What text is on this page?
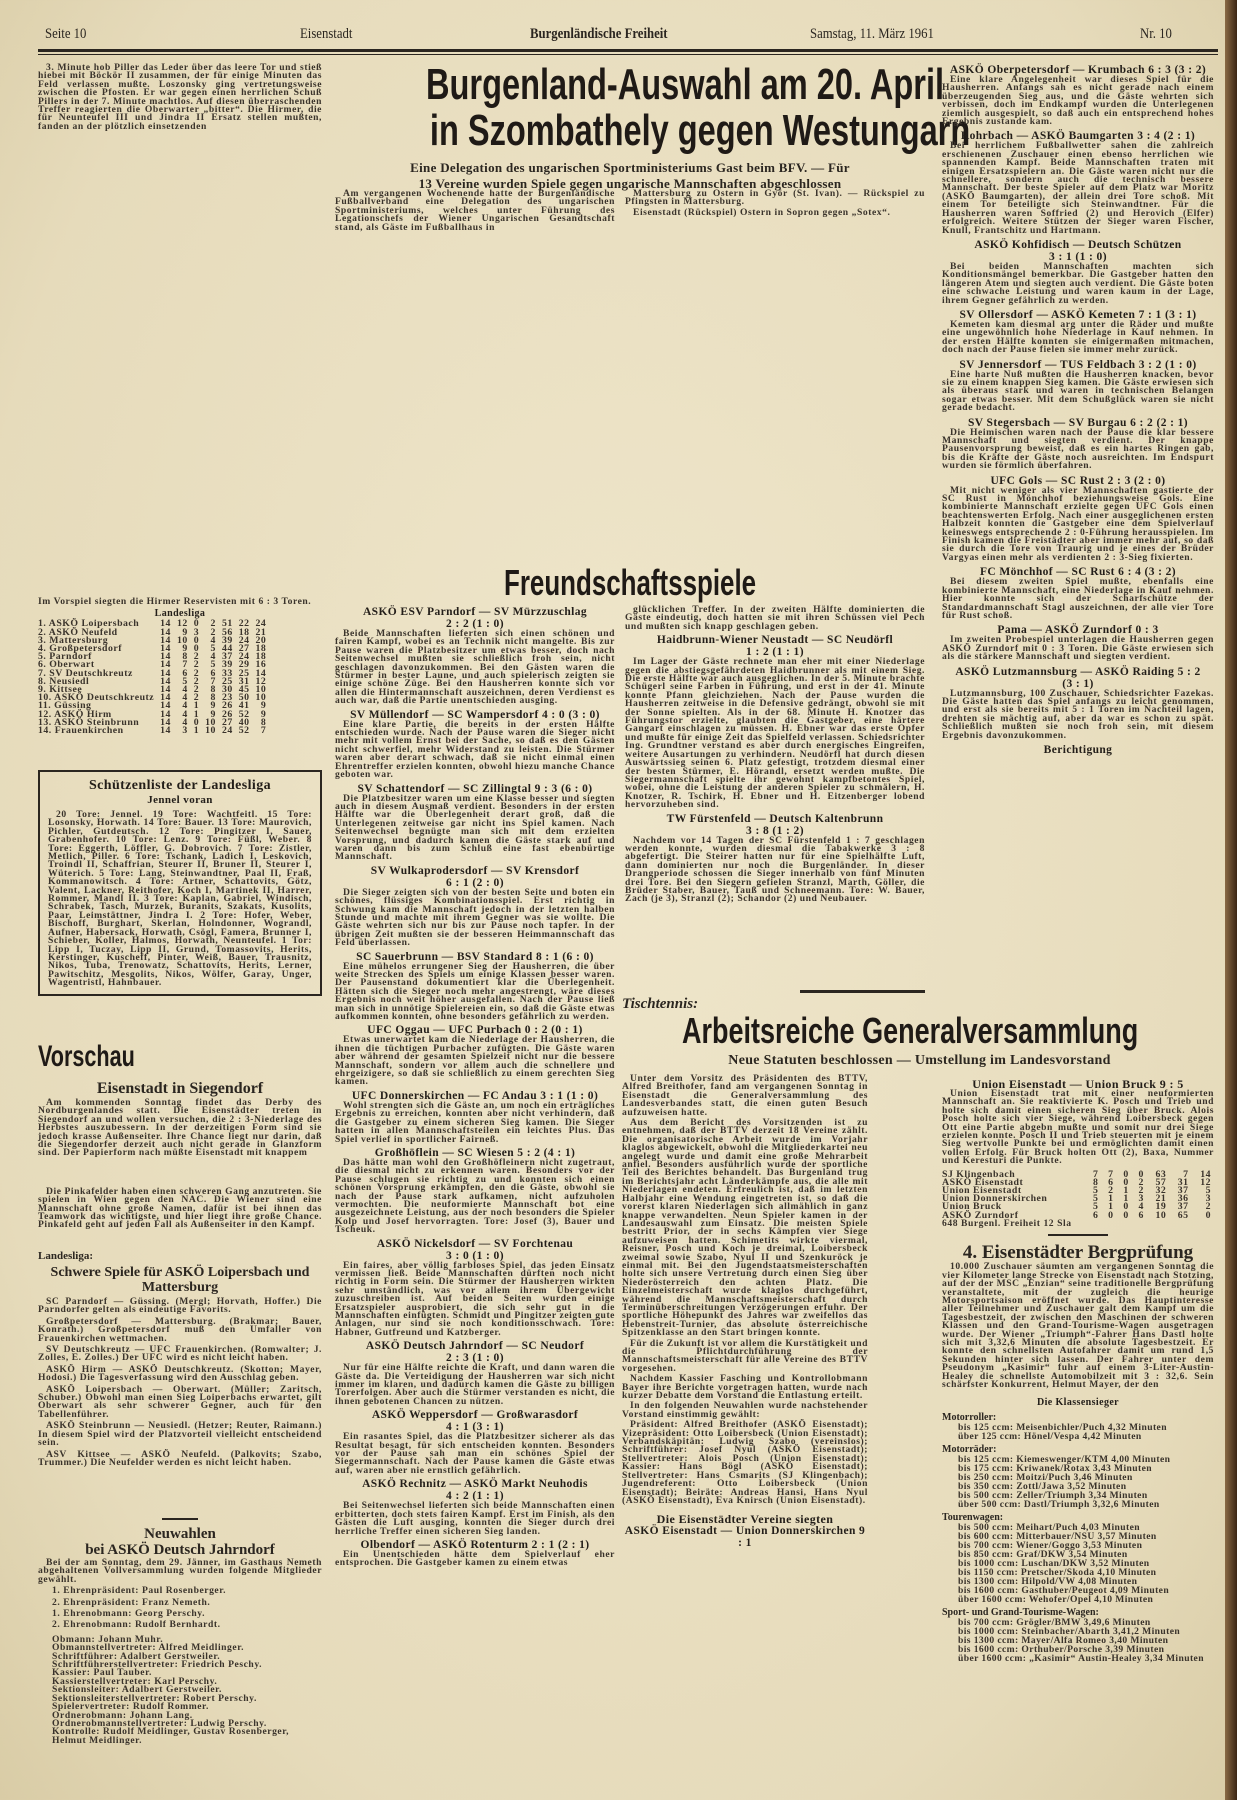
Seite 10	Eisenstadt	Burgenländische Freiheit	Samstag, 11. März 1961	Nr. 10

3. Minute hob Piller das Leder über das leere Tor und stieß hiebei mit Böckör II zusammen, der für einige Minuten das Feld verlassen mußte. Loszonsky ging vertretungsweise zwischen die Pfosten. Er war gegen einen herrlichen Schuß Pillers in der 7. Minute machtlos. Auf diesen überraschenden Treffer reagierten die Oberwarter „bitter“. Die Hirmer, die für Neunteufel III und Jindra II Ersatz stellen mußten, fanden an der plötzlich einsetzenden

Im Vorspiel siegten die Hirmer Reservisten mit 6 : 3 Toren.

Landesliga
1. ASKÖ Loipersbach	14	12	0	2	51	22	24
2. ASKÖ Neufeld	14	9	3	2	56	18	21
3. Mattersburg	14	10	0	4	39	24	20
4. Großpetersdorf	14	9	0	5	44	27	18
5. Parndorf	14	8	2	4	37	24	18
6. Oberwart	14	7	2	5	39	29	16
7. SV Deutschkreutz	14	6	2	6	33	25	14
8. Neusiedl	14	5	2	7	25	31	12
9. Kittsee	14	4	2	8	30	45	10
10. ASKÖ Deutschkreutz	14	4	2	8	23	50	10
11. Güssing	14	4	1	9	26	41	9
12. ASKÖ Hirm	14	4	1	9	26	52	9
13. ASKÖ Steinbrunn	14	4	0	10	27	40	8
14. Frauenkirchen	14	3	1	10	24	52	7
Schützenliste der Landesliga
Jennel voran

20 Tore: Jennel. 19 Tore: Wachtfeitl. 15 Tore: Losonsky, Horwath. 14 Tore: Bauer. 13 Tore: Maurovich, Pichler, Gutdeutsch. 12 Tore: Pingitzer I, Sauer, Grabenhofer. 10 Tore: Lenz. 9 Tore: Füßl, Weber. 8 Tore: Eggerth, Löffler, G. Dobrovich. 7 Tore: Zistler, Metlich, Piller. 6 Tore: Tschank, Ladich I, Leskovich, Troindl II, Schaffrian, Steurer II, Bruner II, Steurer I, Wüterich. 5 Tore: Lang, Steinwandtner, Paal II, Fraß, Kommanowitsch. 4 Tore: Artner, Schattovits, Götz, Valent, Lackner, Reithofer, Koch I, Martinek II, Harrer, Rommer, Mandl II. 3 Tore: Kaplan, Gabriel, Windisch, Schrabek, Tasch, Murzek, Buranits, Szakats, Kusolits, Paar, Leimstättner, Jindra I. 2 Tore: Hofer, Weber, Bischoff, Burghart, Skerlan, Holndonner, Wograndl, Aufner, Habersack, Horwath, Csögl, Famera, Brunner I, Schieber, Koller, Halmos, Horwath, Neunteufel. 1 Tor: Lipp I, Tuczay, Lipp II, Grund, Tomassovits, Herits, Kerstinger, Kuscheff, Pinter, Weiß, Bauer, Trausnitz, Nikos, Tuba, Trenowatz, Schattovits, Herits, Lerner, Pawitschitz, Mesgolits, Nikos, Wölfer, Garay, Unger, Wagentristl, Hahnbauer.

Vorschau
Eisenstadt in Siegendorf

Am kommenden Sonntag findet das Derby des Nordburgenlandes statt. Die Eisenstädter treten in Siegendorf an und wollen versuchen, die 2 : 3-Niederlage des Herbstes auszubessern. In der derzeitigen Form sind sie jedoch krasse Außenseiter. Ihre Chance liegt nur darin, daß die Siegendorfer derzeit auch nicht gerade in Glanzform sind. Der Papierform nach müßte Eisenstadt mit knappem

Die Pinkafelder haben einen schweren Gang anzutreten. Sie spielen in Wien gegen den NAC. Die Wiener sind eine Mannschaft ohne große Namen, dafür ist bei ihnen das Teamwork das wichtigste, und hier liegt ihre große Chance. Pinkafeld geht auf jeden Fall als Außenseiter in den Kampf.

Landesliga:
Schwere Spiele für ASKÖ Loipersbach und Mattersburg

SC Parndorf — Güssing. (Mergl; Horvath, Hoffer.) Die Parndorfer gelten als eindeutige Favorits.

Großpetersdorf — Mattersburg. (Brakmar; Bauer, Konrath.) Großpetersdorf muß den Umfaller von Frauenkirchen wettmachen.

SV Deutschkreutz — UFC Frauenkirchen. (Romwalter; J. Zolles, E. Zolles.) Der UFC wird es nicht leicht haben.

ASKÖ Hirm — ASKÖ Deutschkreutz. (Skotton; Mayer, Hodosi.) Die Tagesverfassung wird den Ausschlag geben.

ASKÖ Loipersbach — Oberwart. (Müller; Zaritsch, Schuber.) Obwohl man einen Sieg Loiperbachs erwartet, gilt Oberwart als sehr schwerer Gegner, auch für den Tabellenführer.

ASKÖ Steinbrunn — Neusiedl. (Hetzer; Reuter, Raimann.) In diesem Spiel wird der Platzvorteil vielleicht entscheidend sein.

ASV Kittsee — ASKÖ Neufeld. (Palkovits; Szabo, Trummer.) Die Neufelder werden es nicht leicht haben.

Neuwahlen
bei ASKÖ Deutsch Jahrndorf

Bei der am Sonntag, dem 29. Jänner, im Gasthaus Nemeth abgehaltenen Vollversammlung wurden folgende Mitglieder gewählt.

1. Ehrenpräsident: Paul Rosenberger.

2. Ehrenpräsident: Franz Nemeth.

1. Ehrenobmann: Georg Perschy.

2. Ehrenobmann: Rudolf Bernhardt.

Obmann: Johann Muhr.

Obmannstellvertreter: Alfred Meidlinger.

Schriftführer: Adalbert Gerstweiler.

Schriftführerstellvertreter: Friedrich Peschy.

Kassier: Paul Tauber.

Kassierstellvertreter: Karl Perschy.

Sektionsleiter: Adalbert Gerstweiler.

Sektionsleiterstellvertreter: Robert Perschy.

Spielervertreter: Rudolf Rommer.

Ordnerobmann: Johann Lang.

Ordnerobmannstellvertreter: Ludwig Perschy.

Kontrolle: Rudolf Meidlinger, Gustav Rosenberger, Helmut Meidlinger.

Burgenland-Auswahl am 20. April
in Szombathely gegen Westungarn
Eine Delegation des ungarischen Sportministeriums Gast beim BFV. — Für
13 Vereine wurden Spiele gegen ungarische Mannschaften abgeschlossen

Am vergangenen Wochenende hatte der Burgenländische Fußballverband eine Delegation des ungarischen Sportministeriums, welches unter Führung des Legationschefs der Wiener Ungarischen Gesandtschaft stand, als Gäste im Fußballhaus in

Mattersburg zu Ostern in Györ (St. Ivan). — Rückspiel zu Pfingsten in Mattersburg.

Eisenstadt (Rückspiel) Ostern in Sopron gegen „Sotex“.

Freundschaftsspiele
ASKÖ ESV Parndorf — SV Mürzzuschlag
2 : 2 (1 : 0)

Beide Mannschaften lieferten sich einen schönen und fairen Kampf, wobei es an Technik nicht mangelte. Bis zur Pause waren die Platzbesitzer um etwas besser, doch nach Seitenwechsel mußten sie schließlich froh sein, nicht geschlagen davonzukommen. Bei den Gästen waren die Stürmer in bester Laune, und auch spielerisch zeigten sie einige schöne Züge. Bei den Hausherren konnte sich vor allen die Hintermannschaft auszeichnen, deren Verdienst es auch war, daß die Partie unentschieden ausging.

SV Müllendorf — SC Wampersdorf 4 : 0 (3 : 0)

Eine klare Partie, die bereits in der ersten Hälfte entschieden wurde. Nach der Pause waren die Sieger nicht mehr mit vollem Ernst bei der Sache, so daß es den Gästen nicht schwerfiel, mehr Widerstand zu leisten. Die Stürmer waren aber derart schwach, daß sie nicht einmal einen Ehrentreffer erzielen konnten, obwohl hiezu manche Chance geboten war.

SV Schattendorf — SC Zillingtal 9 : 3 (6 : 0)

Die Platzbesitzer waren um eine Klasse besser und siegten auch in diesem Ausmaß verdient. Besonders in der ersten Hälfte war die Überlegenheit derart groß, daß die Unterlegenen zeitweise gar nicht ins Spiel kamen. Nach Seitenwechsel begnügte man sich mit dem erzielten Vorsprung, und dadurch kamen die Gäste stark auf und waren dann bis zum Schluß eine fast ebenbürtige Mannschaft.

SV Wulkaprodersdorf — SV Krensdorf
6 : 1 (2 : 0)

Die Sieger zeigten sich von der besten Seite und boten ein schönes, flüssiges Kombinationsspiel. Erst richtig in Schwung kam die Mannschaft jedoch in der letzten halben Stunde und machte mit ihrem Gegner was sie wollte. Die Gäste wehrten sich nur bis zur Pause noch tapfer. In der übrigen Zeit mußten sie der besseren Heimmannschaft das Feld überlassen.

SC Sauerbrunn — BSV Standard 8 : 1 (6 : 0)

Eine mühelos errungener Sieg der Hausherren, die über weite Strecken des Spiels um einige Klassen besser waren. Der Pausenstand dokumentiert klar die Überlegenheit. Hätten sich die Sieger noch mehr angestrengt, wäre dieses Ergebnis noch weit höher ausgefallen. Nach der Pause ließ man sich in unnötige Spielereien ein, so daß die Gäste etwas aufkommen konnten, ohne besonders gefährlich zu werden.

UFC Oggau — UFC Purbach 0 : 2 (0 : 1)

Etwas unerwartet kam die Niederlage der Hausherren, die ihnen die tüchtigen Purbacher zufügten. Die Gäste waren aber während der gesamten Spielzeit nicht nur die bessere Mannschaft, sondern vor allem auch die schnellere und ehrgeizigere, so daß sie schließlich zu einem gerechten Sieg kamen.

UFC Donnerskirchen — FC Andau 3 : 1 (1 : 0)

Wohl strengten sich die Gäste an, um noch ein erträgliches Ergebnis zu erreichen, konnten aber nicht verhindern, daß die Gastgeber zu einem sicheren Sieg kamen. Die Sieger hatten in allen Mannschaftsteilen ein leichtes Plus. Das Spiel verlief in sportlicher Fairneß.

Großhöflein — SC Wiesen 5 : 2 (4 : 1)

Das hätte man wohl den Großhöfleinern nicht zugetraut, die diesmal nicht zu erkennen waren. Besonders vor der Pause schlugen sie richtig zu und konnten sich einen schönen Vorsprung erkämpfen, den die Gäste, obwohl sie nach der Pause stark aufkamen, nicht aufzuholen vermochten. Die neuformierte Mannschaft bot eine ausgezeichnete Leistung, aus der noch besonders die Spieler Kolp und Josef hervorragten. Tore: Josef (3), Bauer und Tscheuk.

ASKÖ Nickelsdorf — SV Forchtenau
3 : 0 (1 : 0)

Ein faires, aber völlig farbloses Spiel, das jeden Einsatz vermissen ließ. Beide Mannschaften dürften noch nicht richtig in Form sein. Die Stürmer der Hausherren wirkten sehr umständlich, was vor allem ihrem Übergewicht zuzuschreiben ist. Auf beiden Seiten wurden einige Ersatzspieler ausprobiert, die sich sehr gut in die Mannschaften einfügten. Schmidt und Pingitzer zeigten gute Anlagen, nur sind sie noch konditionsschwach. Tore: Habner, Gutfreund und Katzberger.

ASKÖ Deutsch Jahrndorf — SC Neudorf
2 : 3 (1 : 0)

Nur für eine Hälfte reichte die Kraft, und dann waren die Gäste da. Die Verteidigung der Hausherren war sich nicht immer im klaren, und dadurch kamen die Gäste zu billigen Torerfolgen. Aber auch die Stürmer verstanden es nicht, die ihnen gebotenen Chancen zu nützen.

ASKÖ Weppersdorf — Großwarasdorf
4 : 1 (3 : 1)

Ein rasantes Spiel, das die Platzbesitzer sicherer als das Resultat besagt, für sich entscheiden konnten. Besonders vor der Pause sah man ein schönes Spiel der Siegermannschaft. Nach der Pause kamen die Gäste etwas auf, waren aber nie ernstlich gefährlich.

ASKÖ Rechnitz — ASKÖ Markt Neuhodis
4 : 2 (1 : 1)

Bei Seitenwechsel lieferten sich beide Mannschaften einen erbitterten, doch stets fairen Kampf. Erst im Finish, als den Gästen die Luft ausging, konnten die Sieger durch drei herrliche Treffer einen sicheren Sieg landen.

Olbendorf — ASKÖ Rotenturm 2 : 1 (2 : 1)

Ein Unentschieden hätte dem Spielverlauf eher entsprochen. Die Gastgeber kamen zu einem etwas

glücklichen Treffer. In der zweiten Hälfte dominierten die Gäste eindeutig, doch hatten sie mit ihren Schüssen viel Pech und mußten sich knapp geschlagen geben.

Haidbrunn-Wiener Neustadt — SC Neudörfl
1 : 2 (1 : 1)

Im Lager der Gäste rechnete man eher mit einer Niederlage gegen die abstiegsgefährdeten Haidbrunner als mit einem Sieg. Die erste Hälfte war auch ausgeglichen. In der 5. Minute brachte Schügerl seine Farben in Führung, und erst in der 41. Minute konnte Pfann gleichziehen. Nach der Pause wurden die Hausherren zeitweise in die Defensive gedrängt, obwohl sie mit der Sonne spielten. Als in der 68. Minute H. Knotzer das Führungstor erzielte, glaubten die Gastgeber, eine härtere Gangart einschlagen zu müssen. H. Ebner war das erste Opfer und mußte für einige Zeit das Spielfeld verlassen. Schiedsrichter Ing. Grundtner verstand es aber durch energisches Eingreifen, weitere Ausartungen zu verhindern. Neudörfl hat durch diesen Auswärtssieg seinen 6. Platz gefestigt, trotzdem diesmal einer der besten Stürmer, E. Hörandl, ersetzt werden mußte. Die Siegermannschaft spielte ihr gewohnt kampfbetontes Spiel, wobei, ohne die Leistung der anderen Spieler zu schmälern, H. Knotzer, R. Tschirk, H. Ebner und H. Eitzenberger lobend hervorzuheben sind.

TW Fürstenfeld — Deutsch Kaltenbrunn
3 : 8 (1 : 2)

Nachdem vor 14 Tagen der SC Fürstenfeld 1 : 7 geschlagen werden konnte, wurden diesmal die Tabakwerke 3 : 8 abgefertigt. Die Steirer hatten nur für eine Spielhälfte Luft, dann dominierten nur noch die Burgenländer. In dieser Drangperiode schossen die Sieger innerhalb von fünf Minuten drei Tore. Bei den Siegern gefielen Stranzl, Marth, Göller, die Brüder Staber, Bauer, Tauß und Schneemann. Tore: W. Bauer, Zach (je 3), Stranzl (2); Schandor (2) und Neubauer.

ASKÖ Oberpetersdorf — Krumbach 6 : 3 (3 : 2)

Eine klare Angelegenheit war dieses Spiel für die Hausherren. Anfangs sah es nicht gerade nach einem überzeugenden Sieg aus, und die Gäste wehrten sich verbissen, doch im Endkampf wurden die Unterlegenen ziemlich ausgespielt, so daß auch ein entsprechend hohes Ergebnis zustande kam.

Rohrbach — ASKÖ Baumgarten 3 : 4 (2 : 1)

Bei herrlichem Fußballwetter sahen die zahlreich erschienenen Zuschauer einen ebenso herrlichen wie spannenden Kampf. Beide Mannschaften traten mit einigen Ersatzspielern an. Die Gäste waren nicht nur die schnellere, sondern auch die technisch bessere Mannschaft. Der beste Spieler auf dem Platz war Moritz (ASKÖ Baumgarten), der allein drei Tore schoß. Mit einem Tor beteiligte sich Steinwandtner. Für die Hausherren waren Soffried (2) und Herovich (Elfer) erfolgreich. Weitere Stützen der Sieger waren Fischer, Knull, Frantschitz und Hartmann.

ASKÖ Kohfidisch — Deutsch Schützen
3 : 1 (1 : 0)

Bei beiden Mannschaften machten sich Konditionsmängel bemerkbar. Die Gastgeber hatten den längeren Atem und siegten auch verdient. Die Gäste boten eine schwache Leistung und waren kaum in der Lage, ihrem Gegner gefährlich zu werden.

SV Ollersdorf — ASKÖ Kemeten 7 : 1 (3 : 1)

Kemeten kam diesmal arg unter die Räder und mußte eine ungewöhnlich hohe Niederlage in Kauf nehmen. In der ersten Hälfte konnten sie einigermaßen mitmachen, doch nach der Pause fielen sie immer mehr zurück.

SV Jennersdorf — TUS Feldbach 3 : 2 (1 : 0)

Eine harte Nuß mußten die Hausherren knacken, bevor sie zu einem knappen Sieg kamen. Die Gäste erwiesen sich als überaus stark und waren in technischen Belangen sogar etwas besser. Mit dem Schußglück waren sie nicht gerade bedacht.

SV Stegersbach — SV Burgau 6 : 2 (2 : 1)

Die Heimischen waren nach der Pause die klar bessere Mannschaft und siegten verdient. Der knappe Pausenvorsprung beweist, daß es ein hartes Ringen gab, bis die Kräfte der Gäste noch ausreichten. Im Endspurt wurden sie förmlich überfahren.

UFC Gols — SC Rust 2 : 3 (2 : 0)

Mit nicht weniger als vier Mannschaften gastierte der SC Rust in Mönchhof beziehungsweise Gols. Eine kombinierte Mannschaft erzielte gegen UFC Gols einen beachtenswerten Erfolg. Nach einer ausgeglichenen ersten Halbzeit konnten die Gastgeber eine dem Spielverlauf keineswegs entsprechende 2 : 0-Führung herausspielen. Im Finish kamen die Freistädter aber immer mehr auf, so daß sie durch die Tore von Traurig und je eines der Brüder Vargyas einen mehr als verdienten 2 : 3-Sieg fixierten.

FC Mönchhof — SC Rust 6 : 4 (3 : 2)

Bei diesem zweiten Spiel mußte, ebenfalls eine kombinierte Mannschaft, eine Niederlage in Kauf nehmen. Hier konnte sich der Scharfschütze der Standardmannschaft Stagl auszeichnen, der alle vier Tore für Rust schoß.

Pama — ASKÖ Zurndorf 0 : 3

Im zweiten Probespiel unterlagen die Hausherren gegen ASKÖ Zurndorf mit 0 : 3 Toren. Die Gäste erwiesen sich als die stärkere Mannschaft und siegten verdient.

ASKÖ Lutzmannsburg — ASKÖ Raiding 5 : 2
(3 : 1)

Lutzmannsburg, 100 Zuschauer, Schiedsrichter Fazekas. Die Gäste hatten das Spiel anfangs zu leicht genommen, und erst als sie bereits mit 5 : 1 Toren im Nachteil lagen, drehten sie mächtig auf, aber da war es schon zu spät. Schließlich mußten sie noch froh sein, mit diesem Ergebnis davonzukommen.

Berichtigung
Tischtennis:
Arbeitsreiche Generalversammlung
Neue Statuten beschlossen — Umstellung im Landesvorstand

Unter dem Vorsitz des Präsidenten des BTTV, Alfred Breithofer, fand am vergangenen Sonntag in Eisenstadt die Generalversammlung des Landesverbandes statt, die einen guten Besuch aufzuweisen hatte.

Aus dem Bericht des Vorsitzenden ist zu entnehmen, daß der BTTV derzeit 18 Vereine zählt. Die organisatorische Arbeit wurde im Vorjahr klaglos abgewickelt, obwohl die Mitgliederkartei neu angelegt wurde und damit eine große Mehrarbeit anfiel. Besonders ausführlich wurde der sportliche Teil des Berichtes behandelt. Das Burgenland trug im Berichtsjahr acht Länderkämpfe aus, die alle mit Niederlagen endeten. Erfreulich ist, daß im letzten Halbjahr eine Wendung eingetreten ist, so daß die vorerst klaren Niederlagen sich allmählich in ganz knappe verwandelten. Neun Spieler kamen in der Landesauswahl zum Einsatz. Die meisten Spiele bestritt Prior, der in sechs Kämpfen vier Siege aufzuweisen hatten. Schimetits wirkte viermal, Reisner, Posch und Koch je dreimal, Loibersbeck zweimal sowie Szabo, Nyul II und Szenkuröck je einmal mit. Bei den Jugendstaatsmeisterschaften holte sich unsere Vertretung durch einen Sieg über Niederösterreich den achten Platz. Die Einzelmeisterschaft wurde klaglos durchgeführt, während die Mannschaftsmeisterschaft durch Terminüberschreitungen Verzögerungen erfuhr. Der sportliche Höhepunkt des Jahres war zweifellos das Hebenstreit-Turnier, das absolute österreichische Spitzenklasse an den Start bringen konnte.

Für die Zukunft ist vor allem die Kurstätigkeit und die Pflichtdurchführung der Mannschaftsmeisterschaft für alle Vereine des BTTV vorgesehen.

Nachdem Kassier Fasching und Kontrollobmann Bayer ihre Berichte vorgetragen hatten, wurde nach kurzer Debatte dem Vorstand die Entlastung erteilt.

In den folgenden Neuwahlen wurde nachstehender Vorstand einstimmig gewählt:

Präsident: Alfred Breithofer (ASKÖ Eisenstadt); Vizepräsident: Otto Loibersbeck (Union Eisenstadt); Verbandskäpitän: Ludwig Szabo (vereinslos); Schriftführer: Josef Nyul (ASKÖ Eisenstadt); Stellvertreter: Alois Posch (Union Eisenstadt); Kassier: Hans Bögl (ASKÖ Eisenstadt); Stellvertreter: Hans Csmarits (SJ Klingenbach); Jugendreferent: Otto Loibersbeck (Union Eisenstadt); Beiräte: Andreas Hansi, Hans Nyul (ASKÖ Eisenstadt), Eva Knirsch (Union Eisenstadt).

Die Eisenstädter Vereine siegten
ASKÖ Eisenstadt — Union Donnerskirchen 9 : 1
Union Eisenstadt — Union Bruck 9 : 5

Union Eisenstadt trat mit einer neuformierten Mannschaft an. Sie reaktivierte K. Posch und Trieb und holte sich damit einen sicheren Sieg über Bruck. Alois Posch holte sich vier Siege, während Loibersbeck gegen Ott eine Partie abgebn mußte und somit nur drei Siege erzielen konnte. Posch II und Trieb steuerten mit je einem Sieg wertvolle Punkte bei und ermöglichten damit einen vollen Erfolg. Für Bruck holten Ott (2), Baxa, Nummer und Keresturi die Punkte.

SJ Klingenbach	7	7	0	0	63	7	14
ASKÖ Eisenstadt	8	6	0	2	57	31	12
Union Eisenstadt	5	2	1	2	32	37	5
Union Donnerskirchen	5	1	1	3	21	36	3
Union Bruck	5	1	0	4	19	37	2
ASKÖ Zurndorf	6	0	0	6	10	65	0

648 Burgenl. Freiheit 12 Sla

4. Eisenstädter Bergprüfung

10.000 Zuschauer säumten am vergangenen Sonntag die vier Kilometer lange Strecke von Eisenstadt nach Stotzing, auf der der MSC „Enzian“ seine traditionelle Bergprüfung veranstaltete, mit der zugleich die heurige Motorsportsaison eröffnet wurde. Das Hauptinteresse aller Teilnehmer und Zuschauer galt dem Kampf um die Tagesbestzeit, der zwischen den Maschinen der schweren Klassen und den Grand-Tourisme-Wagen ausgetragen wurde. Der Wiener „Triumph“-Fahrer Hans Dastl holte sich mit 3,32,6 Minuten die absolute Tagesbestzeit. Er konnte den schnellsten Autofahrer damit um rund 1,5 Sekunden hinter sich lassen. Der Fahrer unter dem Pseudonym „Kasimir“ fuhr auf einem 3-Liter-Austin-Healey die schnellste Automobilzeit mit 3 : 32,6. Sein schärfster Konkurrent, Helmut Mayer, der den

Die Klassensieger
Motorroller:
bis 125 ccm: Meisenbichler/Puch 4,32 Minuten
über 125 ccm: Hönel/Vespa 4,42 Minuten
Motorräder:
bis 125 ccm: Kiemeswenger/KTM 4,00 Minuten
bis 175 ccm: Kriwanek/Rotax 3,43 Minuten
bis 250 ccm: Moitzi/Puch 3,46 Minuten
bis 350 ccm: Zottl/Jawa 3,52 Minuten
bis 500 ccm: Zeller/Triumph 3,34 Minuten
über 500 ccm: Dastl/Triumph 3,32,6 Minuten
Tourenwagen:
bis 500 ccm: Meihart/Puch 4,03 Minuten
bis 600 ccm: Mitterbauer/NSU 3,57 Minuten
bis 700 ccm: Wiener/Goggo 3,53 Minuten
bis 850 ccm: Graf/DKW 3,54 Minuten
bis 1000 ccm: Luschan/DKW 3,52 Minuten
bis 1150 ccm: Pretscher/Skoda 4,10 Minuten
bis 1300 ccm: Hilpold/VW 4,08 Minuten
bis 1600 ccm: Gasthuber/Peugeot 4,09 Minuten
über 1600 ccm: Wehofer/Opel 4,10 Minuten
Sport- und Grand-Tourisme-Wagen:
bis 700 ccm: Grögler/BMW 3,49,6 Minuten
bis 1000 ccm: Steinbacher/Abarth 3,41,2 Minuten
bis 1300 ccm: Mayer/Alfa Romeo 3,40 Minuten
bis 1600 ccm: Orthuber/Porsche 3,39 Minuten
über 1600 ccm: „Kasimir“ Austin-Healey 3,34 Minuten
